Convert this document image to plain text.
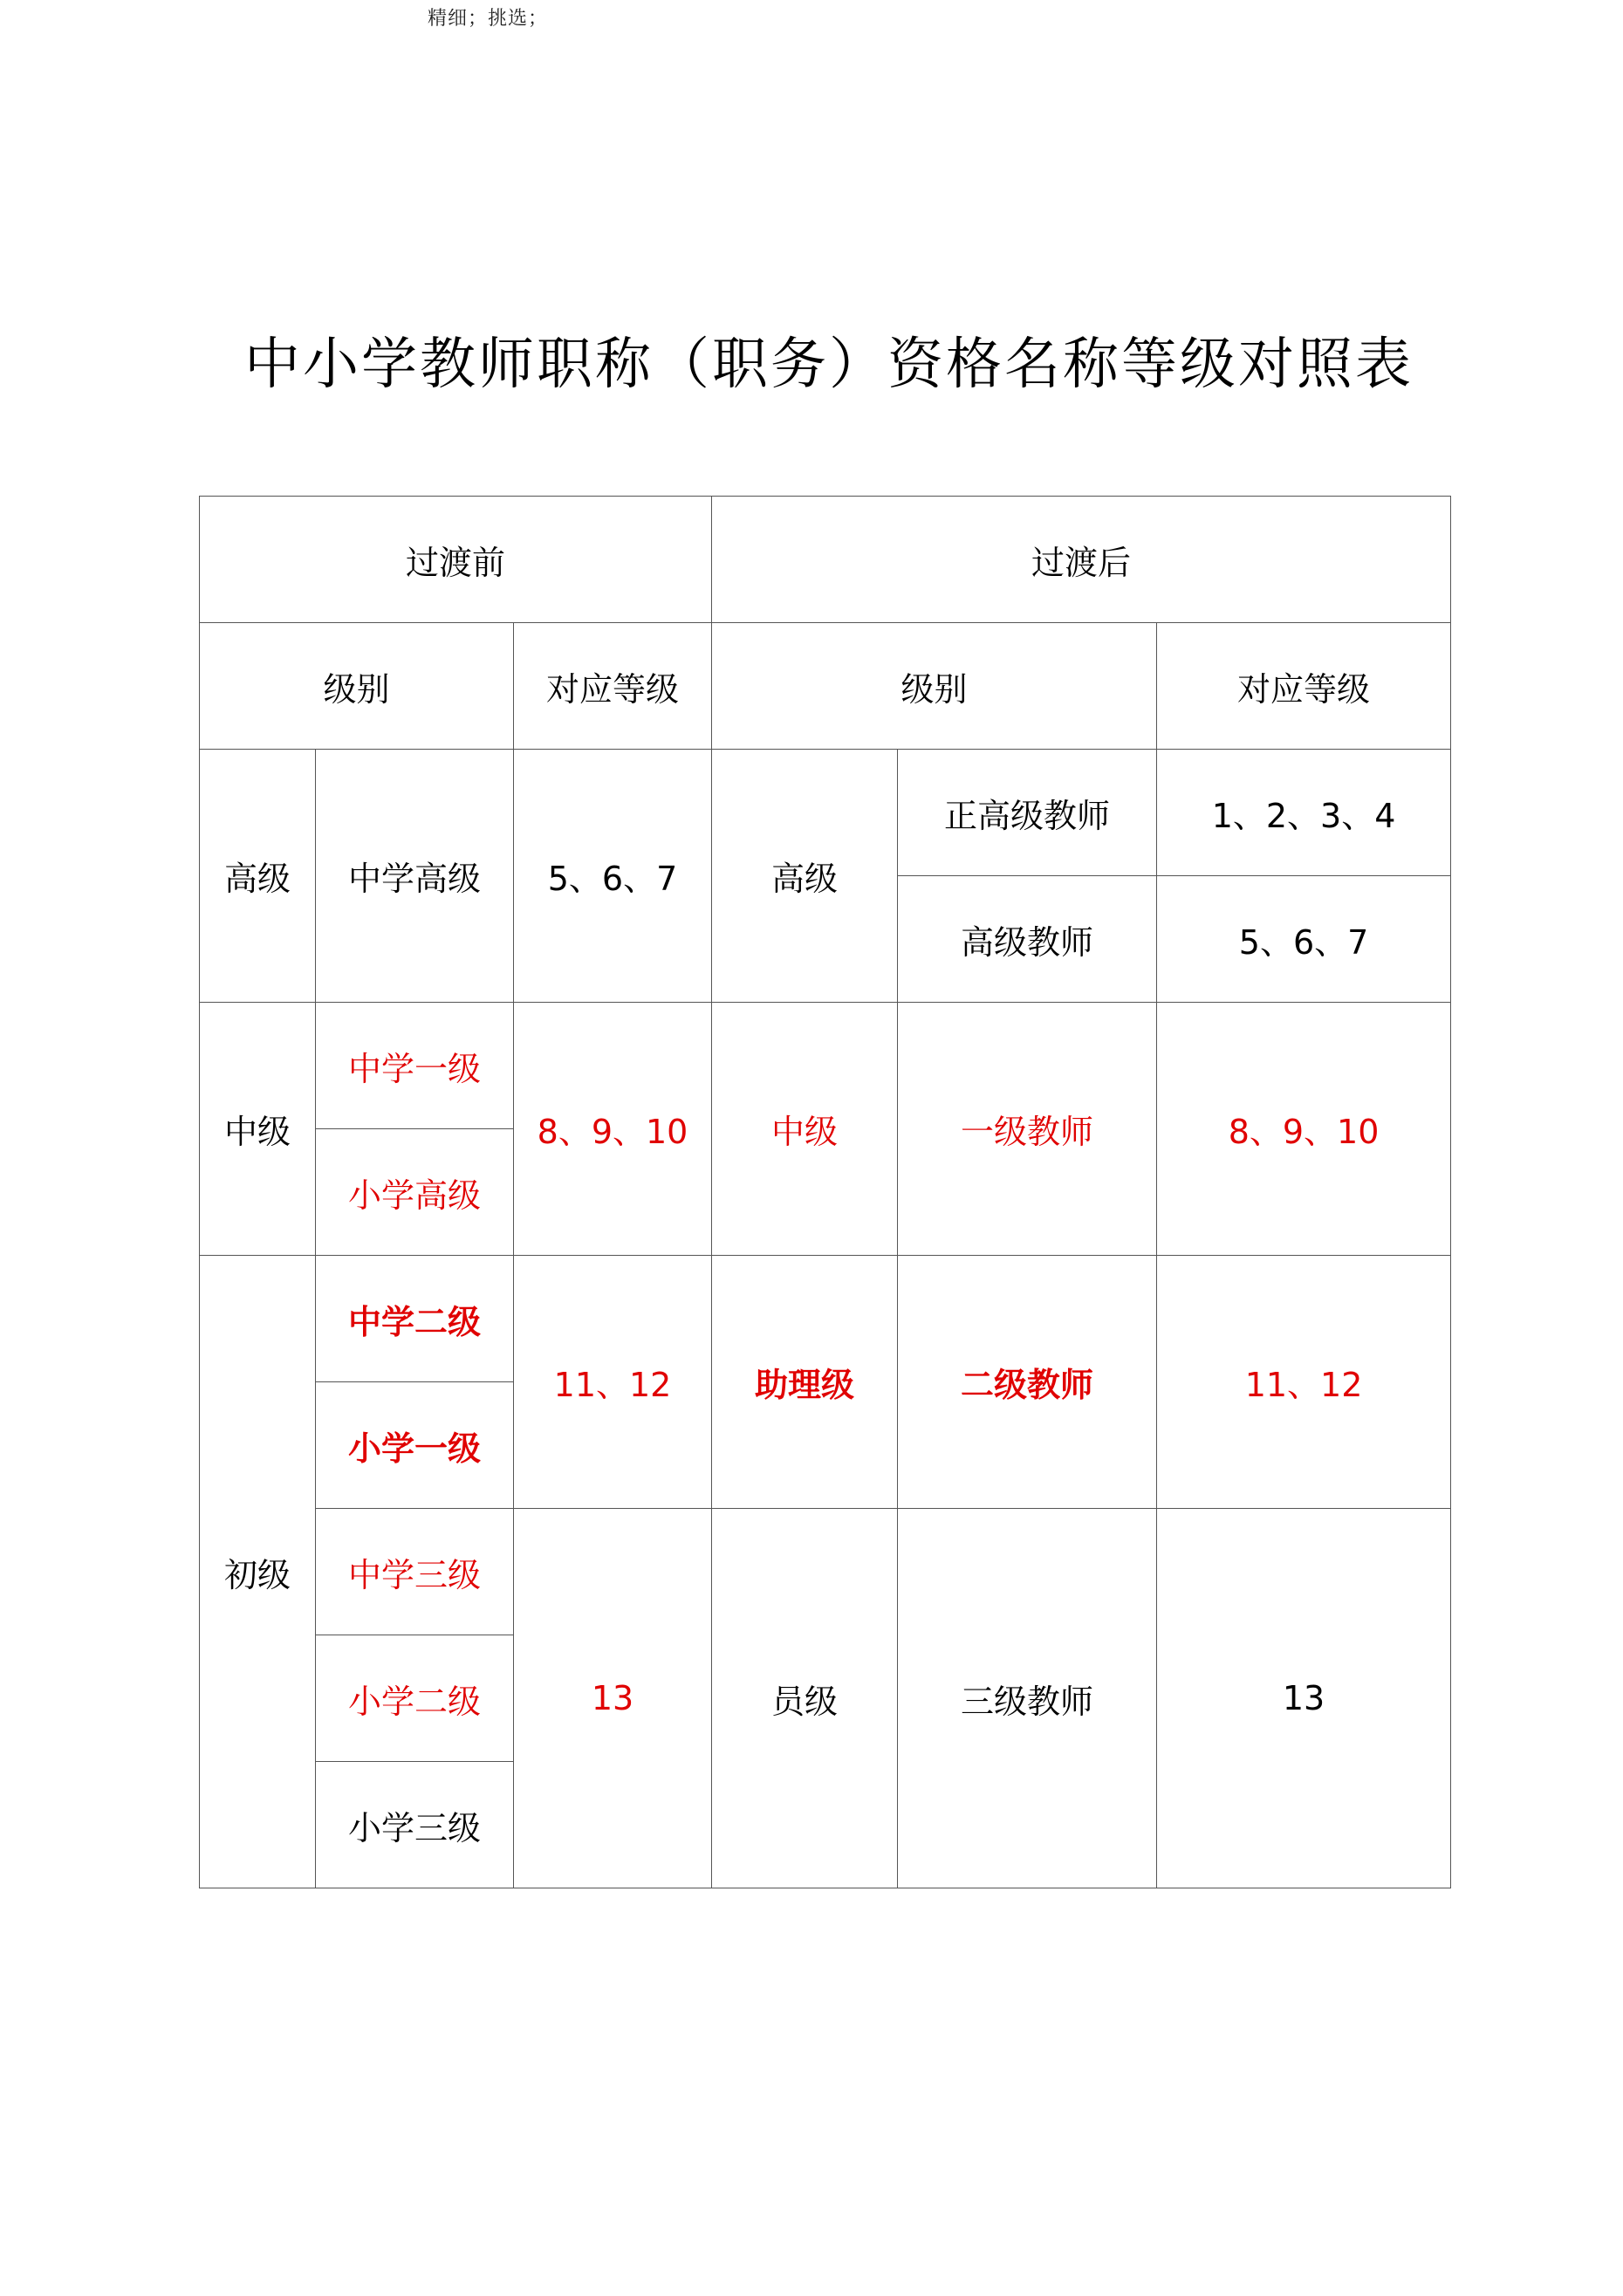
精细；挑选；
中小学教师职称（职务）资格名称等级对照表
过渡前			过渡后		
级别		对应等级	级别		对应等级
高级	中学高级	5、6、7	高级	正高级教师	1、2、3、4
				高级教师	5、6、7
中级	中学一级	8、9、10	中级	一级教师	8、9、10
	小学高级				
初级	中学二级	11、12	助理级	二级教师	11、12
	小学一级				
	中学三级	13	员级	三级教师	13
	小学二级				
	小学三级				
